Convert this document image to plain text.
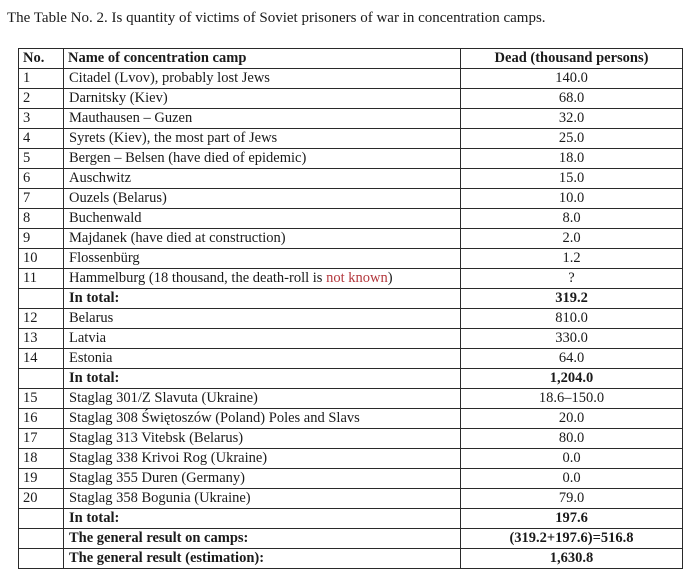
The Table No. 2. Is quantity of victims of Soviet prisoners of war in concentration camps.
No.	Name of concentration camp	Dead (thousand persons)
1	Citadel (Lvov), probably lost Jews	140.0
2	Darnitsky (Kiev)	68.0
3	Mauthausen – Guzen	32.0
4	Syrets (Kiev), the most part of Jews	25.0
5	Bergen – Belsen (have died of epidemic)	18.0
6	Auschwitz	15.0
7	Ouzels (Belarus)	10.0
8	Buchenwald	8.0
9	Majdanek (have died at construction)	2.0
10	Flossenbürg	1.2
11	Hammelburg (18 thousand, the death-roll is not known)	?
	In total:	319.2
12	Belarus	810.0
13	Latvia	330.0
14	Estonia	64.0
	In total:	1,204.0
15	Staglag 301/Z Slavuta (Ukraine)	18.6–150.0
16	Staglag 308 Świętoszów (Poland) Poles and Slavs	20.0
17	Staglag 313 Vitebsk (Belarus)	80.0
18	Staglag 338 Krivoi Rog (Ukraine)	0.0
19	Staglag 355 Duren (Germany)	0.0
20	Staglag 358 Bogunia (Ukraine)	79.0
	In total:	197.6
	The general result on camps:	(319.2+197.6)=516.8
	The general result (estimation):	1,630.8
